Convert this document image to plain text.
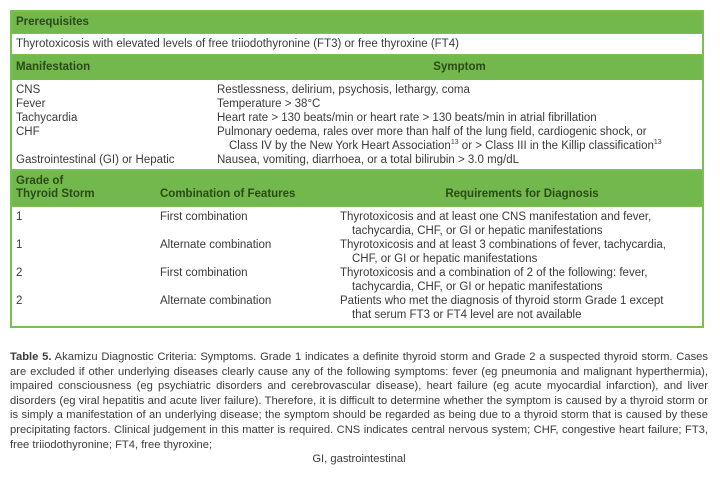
Prerequisites
Thyrotoxicosis with elevated levels of free triiodothyronine (FT3) or free thyroxine (FT4)
Manifestation	Symptom
CNS	Restlessness, delirium, psychosis, lethargy, coma
Fever	Temperature > 38°C
Tachycardia	Heart rate > 130 beats/min or heart rate > 130 beats/min in atrial fibrillation
CHF	Pulmonary oedema, rales over more than half of the lung field, cardiogenic shock, or
Class IV by the New York Heart Association$^{13}$ or > Class III in the Killip classification$^{13}$
Gastrointestinal (GI) or Hepatic	Nausea, vomiting, diarrhoea, or a total bilirubin > 3.0 mg/dL
Grade of
Thyroid Storm	Combination of Features	Requirements for Diagnosis
1	First combination	Thyrotoxicosis and at least one CNS manifestation and fever,
tachycardia, CHF, or GI or hepatic manifestations
1	Alternate combination	Thyrotoxicosis and at least 3 combinations of fever, tachycardia,
CHF, or GI or hepatic manifestations
2	First combination	Thyrotoxicosis and a combination of 2 of the following: fever,
tachycardia, CHF, or GI or hepatic manifestations
2	Alternate combination	Patients who met the diagnosis of thyroid storm Grade 1 except
that serum FT3 or FT4 level are not available
Table 5. Akamizu Diagnostic Criteria: Symptoms. Grade 1 indicates a definite thyroid storm and Grade 2 a suspected thyroid storm. Cases are excluded if other underlying diseases clearly cause any of the following symptoms: fever (eg pneumonia and malignant hyperthermia), impaired consciousness (eg psychiatric disorders and cerebrovascular disease), heart failure (eg acute myocardial infarction), and liver disorders (eg viral hepatitis and acute liver failure). Therefore, it is difficult to determine whether the symptom is caused by a thyroid storm or is simply a manifestation of an underlying disease; the symptom should be regarded as being due to a thyroid storm that is caused by these precipitating factors. Clinical judgement in this matter is required. CNS indicates central nervous system; CHF, congestive heart failure; FT3, free triiodothyronine; FT4, free thyroxine;
GI, gastrointestinal
